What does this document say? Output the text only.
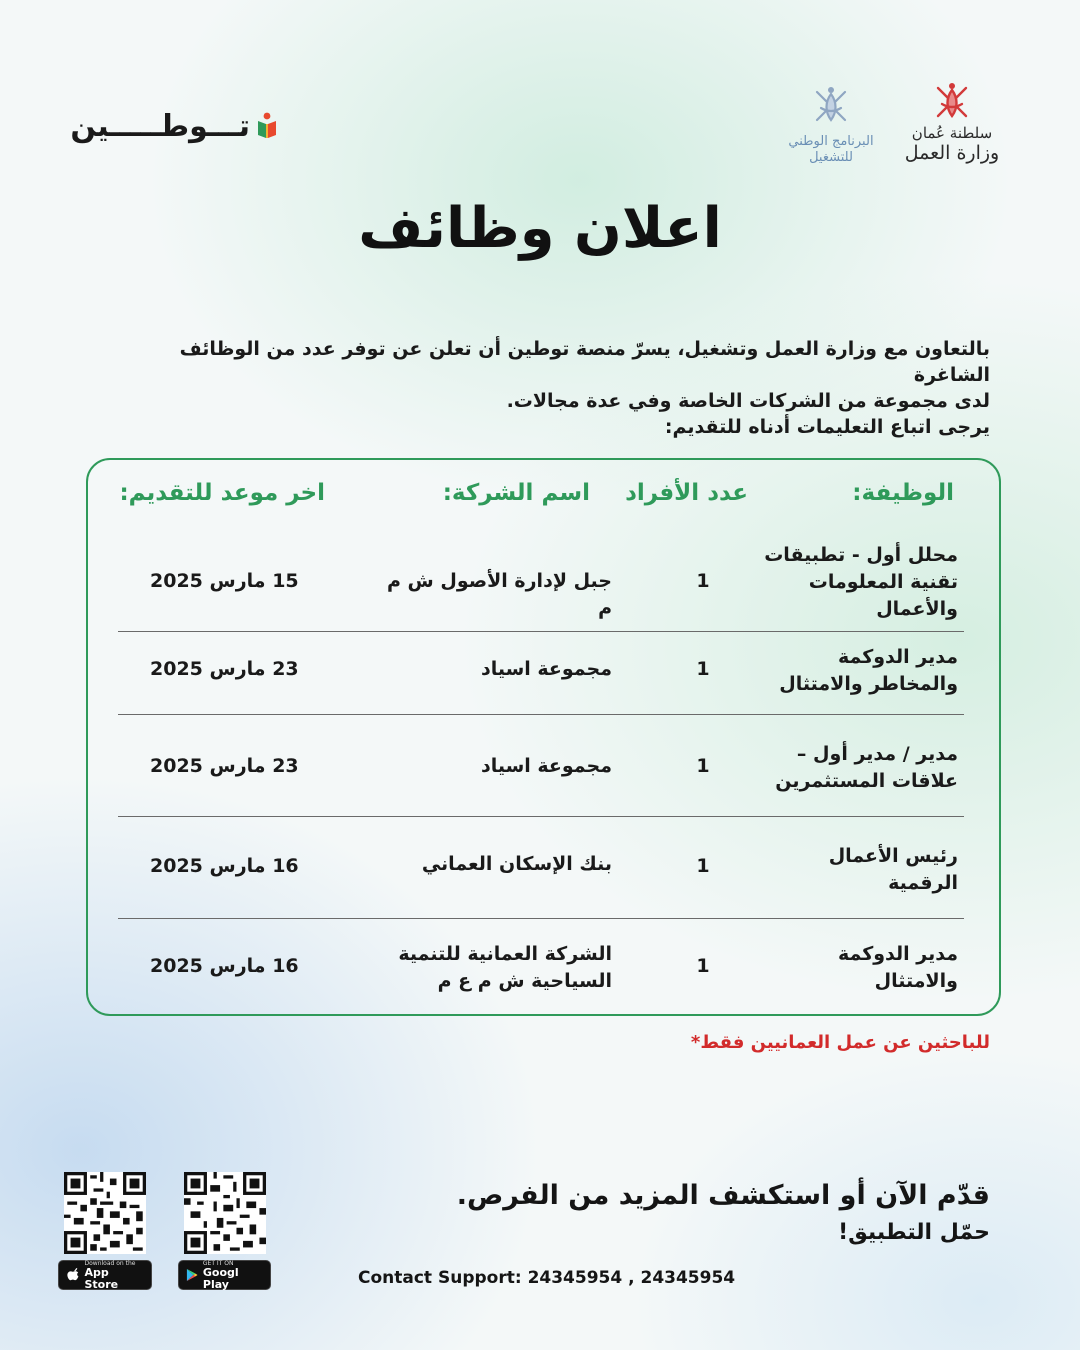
تـــوطـــــين	البرنامج الوطني
للتشغيل
سلطنة عُمان
وزارة العمل
اعلان وظائف
بالتعاون مع وزارة العمل وتشغيل، يسرّ منصة توطين أن تعلن عن توفر عدد من الوظائف الشاغرة
لدى مجموعة من الشركات الخاصة وفي عدة مجالات.
يرجى اتباع التعليمات أدناه للتقديم:
الوظيفة:
عدد الأفراد
اسم الشركة:
اخر موعد للتقديم:
محلل أول - تطبيقات تقنية المعلومات والأعمال
1
جبل لإدارة الأصول ش م م
15 مارس 2025
مدير الدوكمة والمخاطر والامتثال
1
مجموعة اسياد
23 مارس 2025
مدير / مدير أول – علاقات المستثمرين
1
مجموعة اسياد
23 مارس 2025
رئيس الأعمال الرقمية
1
بنك الإسكان العماني
16 مارس 2025
مدير الدوكمة والامتثال
1
الشركة العمانية للتنمية السياحية ش م ع م
16 مارس 2025
للباحثين عن عمل العمانيين فقط*
قدّم الآن أو استكشف المزيد من الفرص.
حمّل التطبيق!
Contact Support: 24345954 , 24345954
Download on the
App Store
GET IT ON
Googl Play
